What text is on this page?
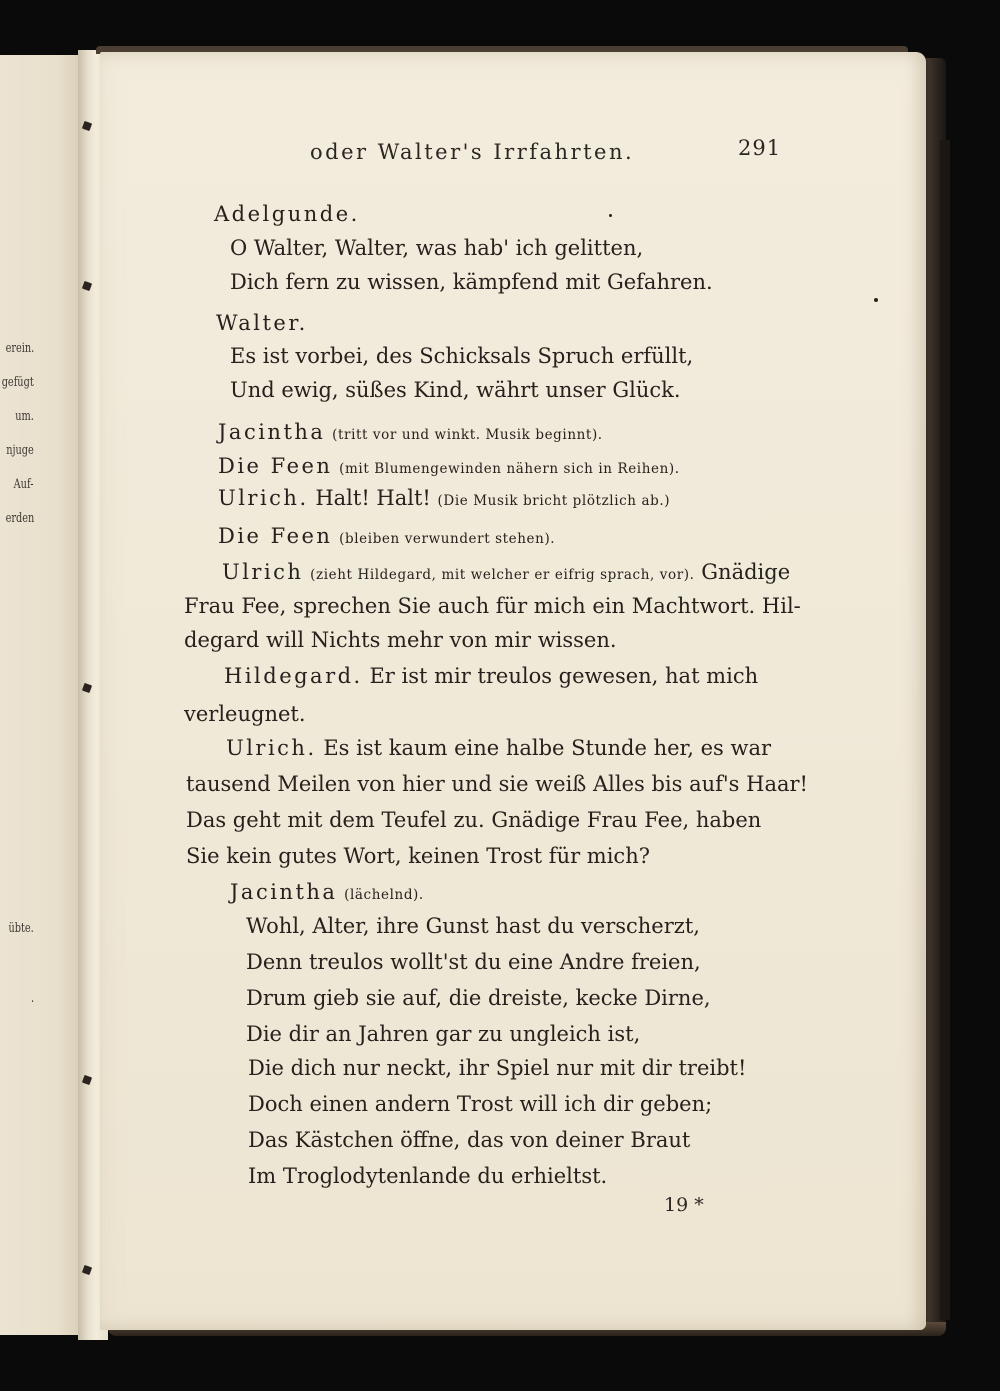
erein.
gefügt
um.
njuge
Auf-
erden
übte.
.
oder Walter's Irrfahrten.	291
Adelgunde.
O Walter, Walter, was hab' ich gelitten,
Dich fern zu wissen, kämpfend mit Gefahren.
Walter.
Es ist vorbei, des Schicksals Spruch erfüllt,
Und ewig, süßes Kind, währt unser Glück.
Jacintha (tritt vor und winkt. Musik beginnt).
Die Feen (mit Blumengewinden nähern sich in Reihen).
Ulrich. Halt! Halt! (Die Musik bricht plötzlich ab.)
Die Feen (bleiben verwundert stehen).
Ulrich (zieht Hildegard, mit welcher er eifrig sprach, vor). Gnädige
Frau Fee, sprechen Sie auch für mich ein Machtwort. Hil-
degard will Nichts mehr von mir wissen.
Hildegard. Er ist mir treulos gewesen, hat mich
verleugnet.
Ulrich. Es ist kaum eine halbe Stunde her, es war
tausend Meilen von hier und sie weiß Alles bis auf's Haar!
Das geht mit dem Teufel zu. Gnädige Frau Fee, haben
Sie kein gutes Wort, keinen Trost für mich?
Jacintha (lächelnd).
Wohl, Alter, ihre Gunst hast du verscherzt,
Denn treulos wollt'st du eine Andre freien,
Drum gieb sie auf, die dreiste, kecke Dirne,
Die dir an Jahren gar zu ungleich ist,
Die dich nur neckt, ihr Spiel nur mit dir treibt!
Doch einen andern Trost will ich dir geben;
Das Kästchen öffne, das von deiner Braut
Im Troglodytenlande du erhieltst.
19 *
